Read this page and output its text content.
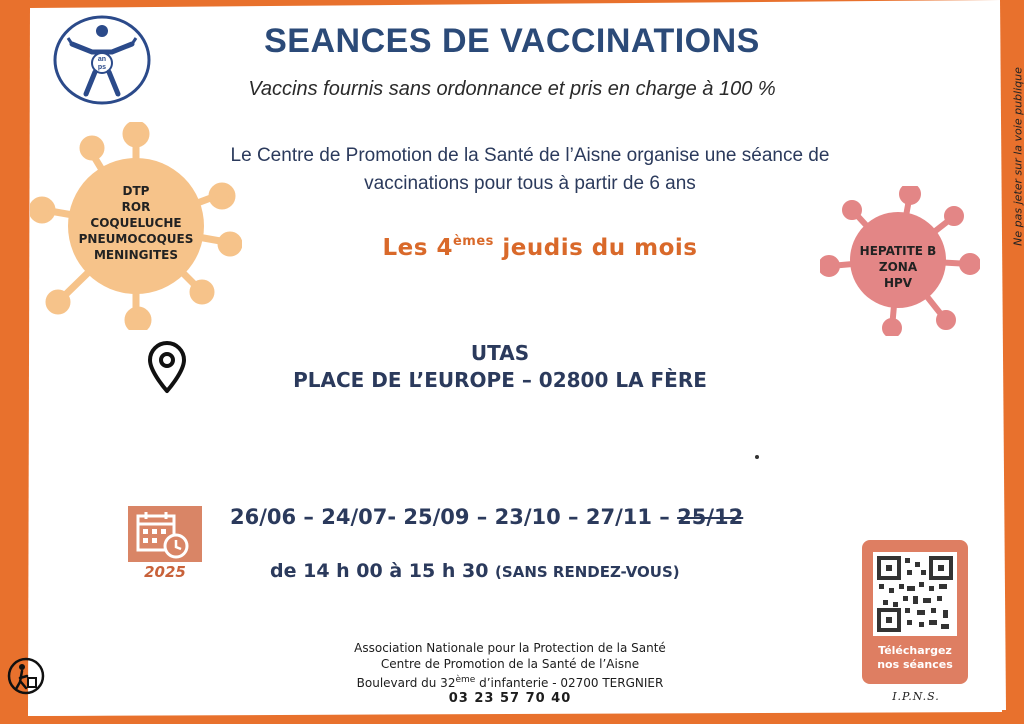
an
ps
SEANCES DE VACCINATIONS
Vaccins fournis sans ordonnance et pris en charge à 100 %
Le Centre de Promotion de la Santé de l’Aisne organise une séance de
vaccinations pour tous à partir de 6 ans
Les 4èmes jeudis du mois
DTP
ROR
COQUELUCHE
PNEUMOCOQUES
MENINGITES	HEPATITE B
ZONA
HPV
UTAS
PLACE DE L’EUROPE – 02800 LA FÈRE
2025
26/06 – 24/07- 25/09 – 23/10 – 27/11 – 25/12
de 14 h 00 à 15 h 30 (SANS RENDEZ-VOUS)
Association Nationale pour la Protection de la Santé
Centre de Promotion de la Santé de l’Aisne
Boulevard du 32ème d’infanterie - 02700 TERGNIER
03 23 57 70 40
Ne pas jeter sur la voie publique
Téléchargez
nos séances
I.P.N.S.
